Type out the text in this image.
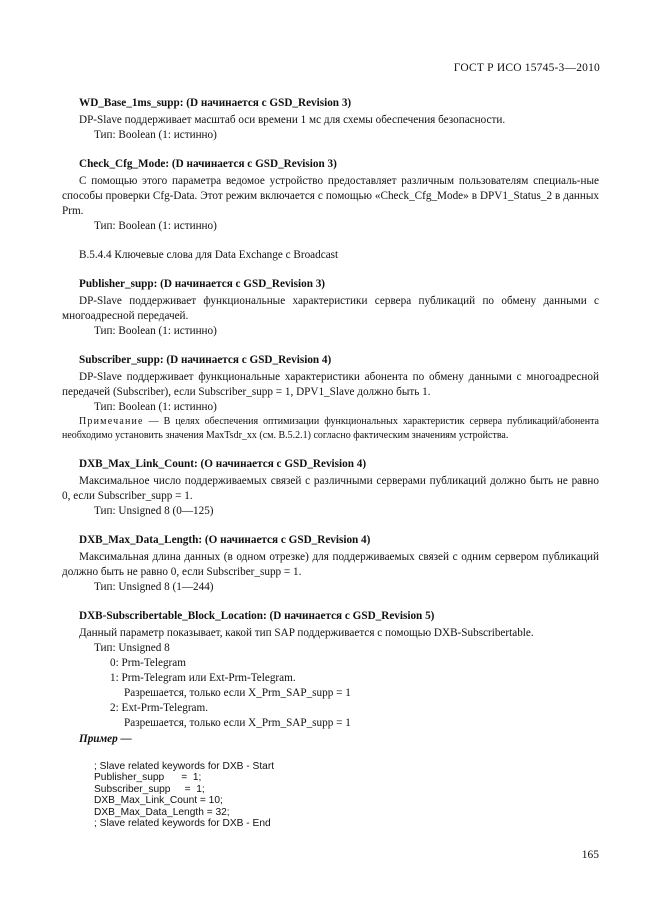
ГОСТ Р ИСО 15745-3—2010
WD_Base_1ms_supp: (D начинается с GSD_Revision 3)
DP-Slave поддерживает масштаб оси времени 1 мс для схемы обеспечения безопасности.
Тип: Boolean (1: истинно)
Check_Cfg_Mode: (D начинается с GSD_Revision 3)
С помощью этого параметра ведомое устройство предоставляет различным пользователям специаль-ные способы проверки Cfg-Data. Этот режим включается с помощью «Check_Cfg_Mode» в DPV1_Status_2 в данных Prm.
Тип: Boolean (1: истинно)
B.5.4.4 Ключевые слова для Data Exchange с Broadcast
Publisher_supp: (D начинается с GSD_Revision 3)
DP-Slave поддерживает функциональные характеристики сервера публикаций по обмену данными с многоадресной передачей.
Тип: Boolean (1: истинно)
Subscriber_supp: (D начинается с GSD_Revision 4)
DP-Slave поддерживает функциональные характеристики абонента по обмену данными с многоадресной передачей (Subscriber), если Subscriber_supp = 1, DPV1_Slave должно быть 1.
Тип: Boolean (1: истинно)
Примечание — В целях обеспечения оптимизации функциональных характеристик сервера публикаций/абонента необходимо установить значения MaxTsdr_xx (см. B.5.2.1) согласно фактическим значениям устройства.
DXB_Max_Link_Count: (O начинается с GSD_Revision 4)
Максимальное число поддерживаемых связей с различными серверами публикаций должно быть не равно 0, если Subscriber_supp = 1.
Тип: Unsigned 8 (0—125)
DXB_Max_Data_Length: (O начинается с GSD_Revision 4)
Максимальная длина данных (в одном отрезке) для поддерживаемых связей с одним сервером публикаций должно быть не равно 0, если Subscriber_supp = 1.
Тип: Unsigned 8 (1—244)
DXB-Subscribertable_Block_Location: (D начинается с GSD_Revision 5)
Данный параметр показывает, какой тип SAP поддерживается с помощью DXB-Subscribertable.
Тип: Unsigned 8
0: Prm-Telegram
1: Prm-Telegram или Ext-Prm-Telegram.
Разрешается, только если X_Prm_SAP_supp = 1
2: Ext-Prm-Telegram.
Разрешается, только если X_Prm_SAP_supp = 1
Пример —
; Slave related keywords for DXB - Start
Publisher_supp      =  1;
Subscriber_supp     =  1;
DXB_Max_Link_Count = 10;
DXB_Max_Data_Length = 32;
; Slave related keywords for DXB - End
165
